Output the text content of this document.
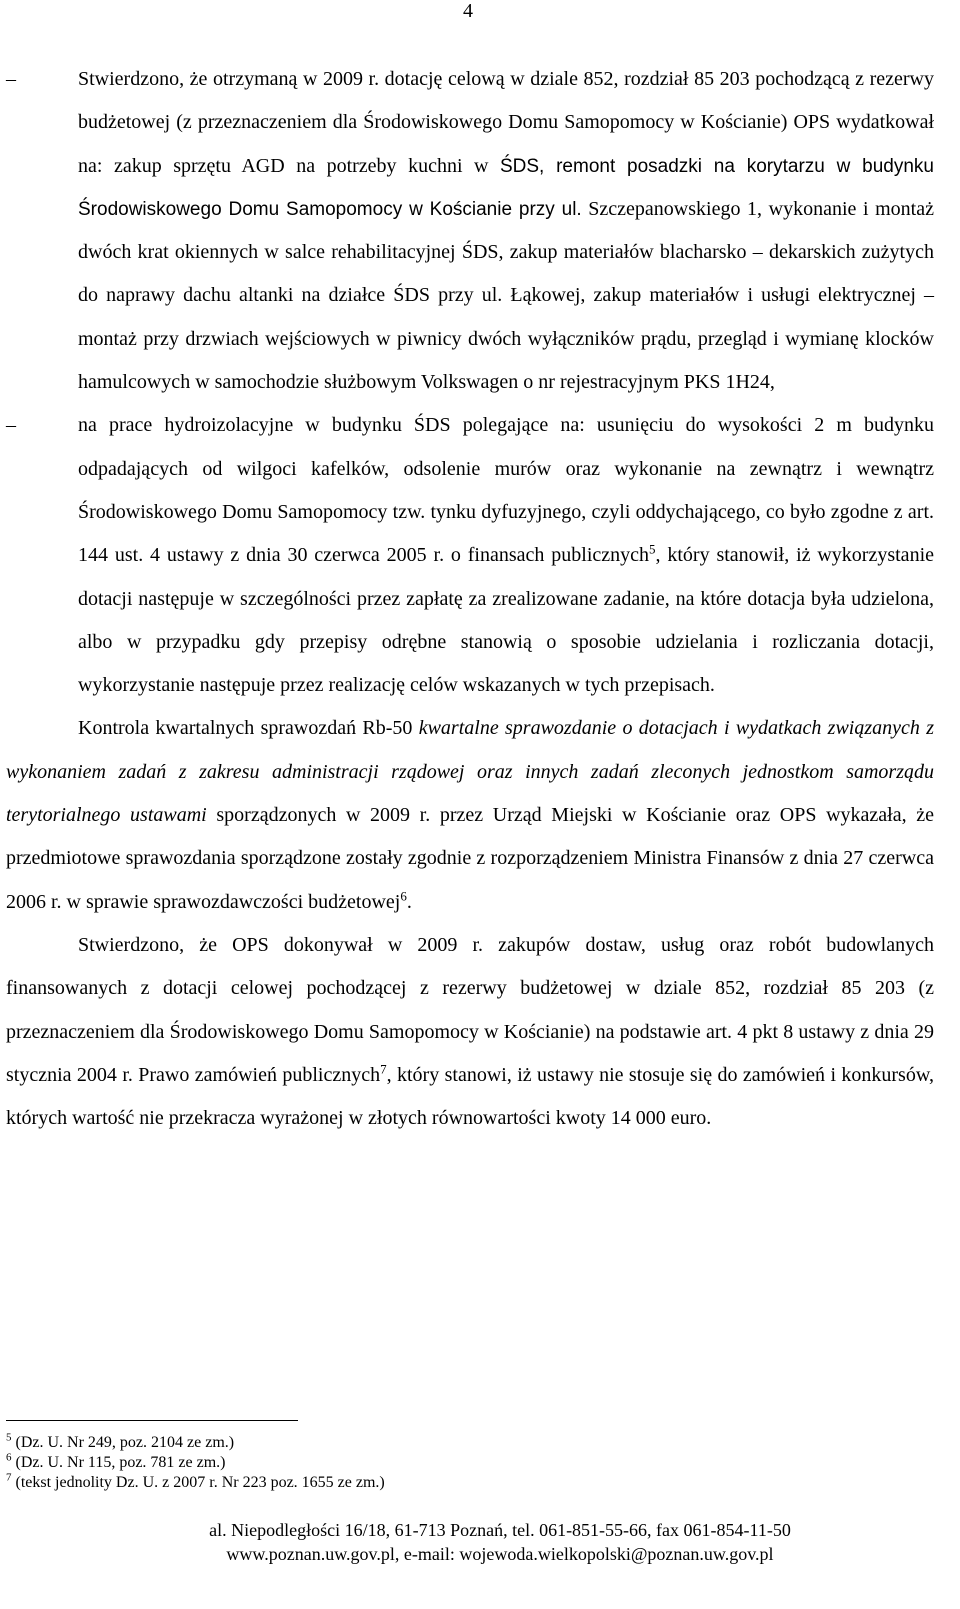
4
–	Stwierdzono, że otrzymaną w 2009 r. dotację celową w dziale 852, rozdział 85 203 pochodzącą z rezerwy budżetowej (z przeznaczeniem dla Środowiskowego Domu Samopomocy w Kościanie) OPS wydatkował na: zakup sprzętu AGD na potrzeby kuchni w ŚDS, remont posadzki na korytarzu w budynku Środowiskowego Domu Samopomocy w Kościanie przy ul. Szczepanowskiego 1, wykonanie i montaż dwóch krat okiennych w salce rehabilitacyjnej ŚDS, zakup materiałów blacharsko – dekarskich zużytych do naprawy dachu altanki na działce ŚDS przy ul. Łąkowej, zakup materiałów i usługi elektrycznej – montaż przy drzwiach wejściowych w piwnicy dwóch wyłączników prądu, przegląd i wymianę klocków hamulcowych w samochodzie służbowym Volkswagen o nr rejestracyjnym PKS 1H24,

–	na prace hydroizolacyjne w budynku ŚDS polegające na: usunięciu do wysokości 2 m budynku odpadających od wilgoci kafelków, odsolenie murów oraz wykonanie na zewnątrz i wewnątrz Środowiskowego Domu Samopomocy tzw. tynku dyfuzyjnego, czyli oddychającego, co było zgodne z art. 144 ust. 4 ustawy z dnia 30 czerwca 2005 r. o finansach publicznych$^5$, który stanowił, iż wykorzystanie dotacji następuje w szczególności przez zapłatę za zrealizowane zadanie, na które dotacja była udzielona, albo w przypadku gdy przepisy odrębne stanowią o sposobie udzielania i rozliczania dotacji, wykorzystanie następuje przez realizację celów wskazanych w tych przepisach.

Kontrola kwartalnych sprawozdań Rb-50 kwartalne sprawozdanie o dotacjach i wydatkach związanych z wykonaniem zadań z zakresu administracji rządowej oraz innych zadań zleconych jednostkom samorządu terytorialnego ustawami sporządzonych w 2009 r. przez Urząd Miejski w Kościanie oraz OPS wykazała, że przedmiotowe sprawozdania sporządzone zostały zgodnie z rozporządzeniem Ministra Finansów z dnia 27 czerwca 2006 r. w sprawie sprawozdawczości budżetowej$^6$.

Stwierdzono, że OPS dokonywał w 2009 r. zakupów dostaw, usług oraz robót budowlanych finansowanych z dotacji celowej pochodzącej z rezerwy budżetowej w dziale 852, rozdział 85 203 (z przeznaczeniem dla Środowiskowego Domu Samopomocy w Kościanie) na podstawie art. 4 pkt 8 ustawy z dnia 29 stycznia 2004 r. Prawo zamówień publicznych$^7$, który stanowi, iż ustawy nie stosuje się do zamówień i konkursów, których wartość nie przekracza wyrażonej w złotych równowartości kwoty 14 000 euro.

$^5$ (Dz. U. Nr 249, poz. 2104 ze zm.)
$^6$ (Dz. U. Nr 115, poz. 781 ze zm.)
$^7$ (tekst jednolity Dz. U. z 2007 r. Nr 223 poz. 1655 ze zm.)
al. Niepodległości 16/18, 61-713 Poznań, tel. 061-851-55-66, fax 061-854-11-50
www.poznan.uw.gov.pl, e-mail: wojewoda.wielkopolski@poznan.uw.gov.pl
